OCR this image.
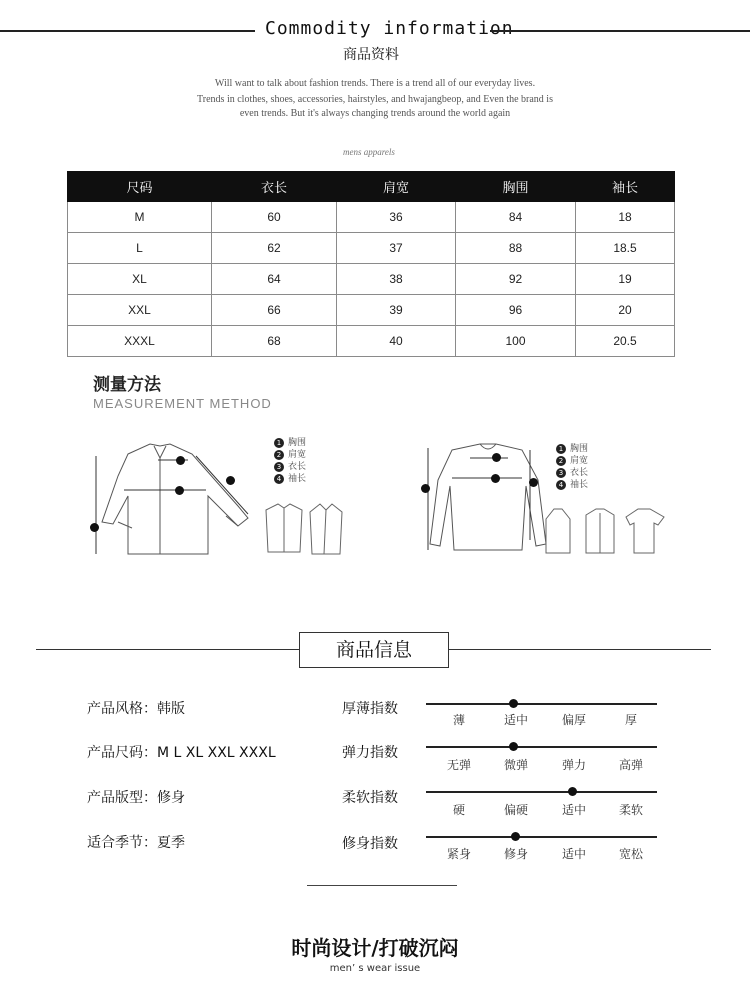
Commodity information
商品资料
Will want to talk about fashion trends. There is a trend all of our everyday lives.
Trends in clothes, shoes, accessories, hairstyles, and hwajangbeop, and Even the brand is
even trends. But it's always changing trends around the world again
mens apparels
尺码	衣长	肩宽	胸围	袖长
M	60	36	84	18
L	62	37	88	18.5
XL	64	38	92	19
XXL	66	39	96	20
XXXL	68	40	100	20.5
测量方法
MEASUREMENT METHOD
1 胸围
2 肩宽
3 衣长
4 袖长
1 胸围
2 肩宽
3 衣长
4 袖长
商品信息
产品风格：韩版
产品尺码：M L XL XXL XXXL
产品版型：修身
适合季节：夏季
厚薄指数
薄	适中	偏厚	厚
弹力指数
无弹	微弹	弹力	高弹
柔软指数
硬	偏硬	适中	柔软
修身指数
紧身	修身	适中	宽松
时尚设计/打破沉闷
men’ s wear issue
